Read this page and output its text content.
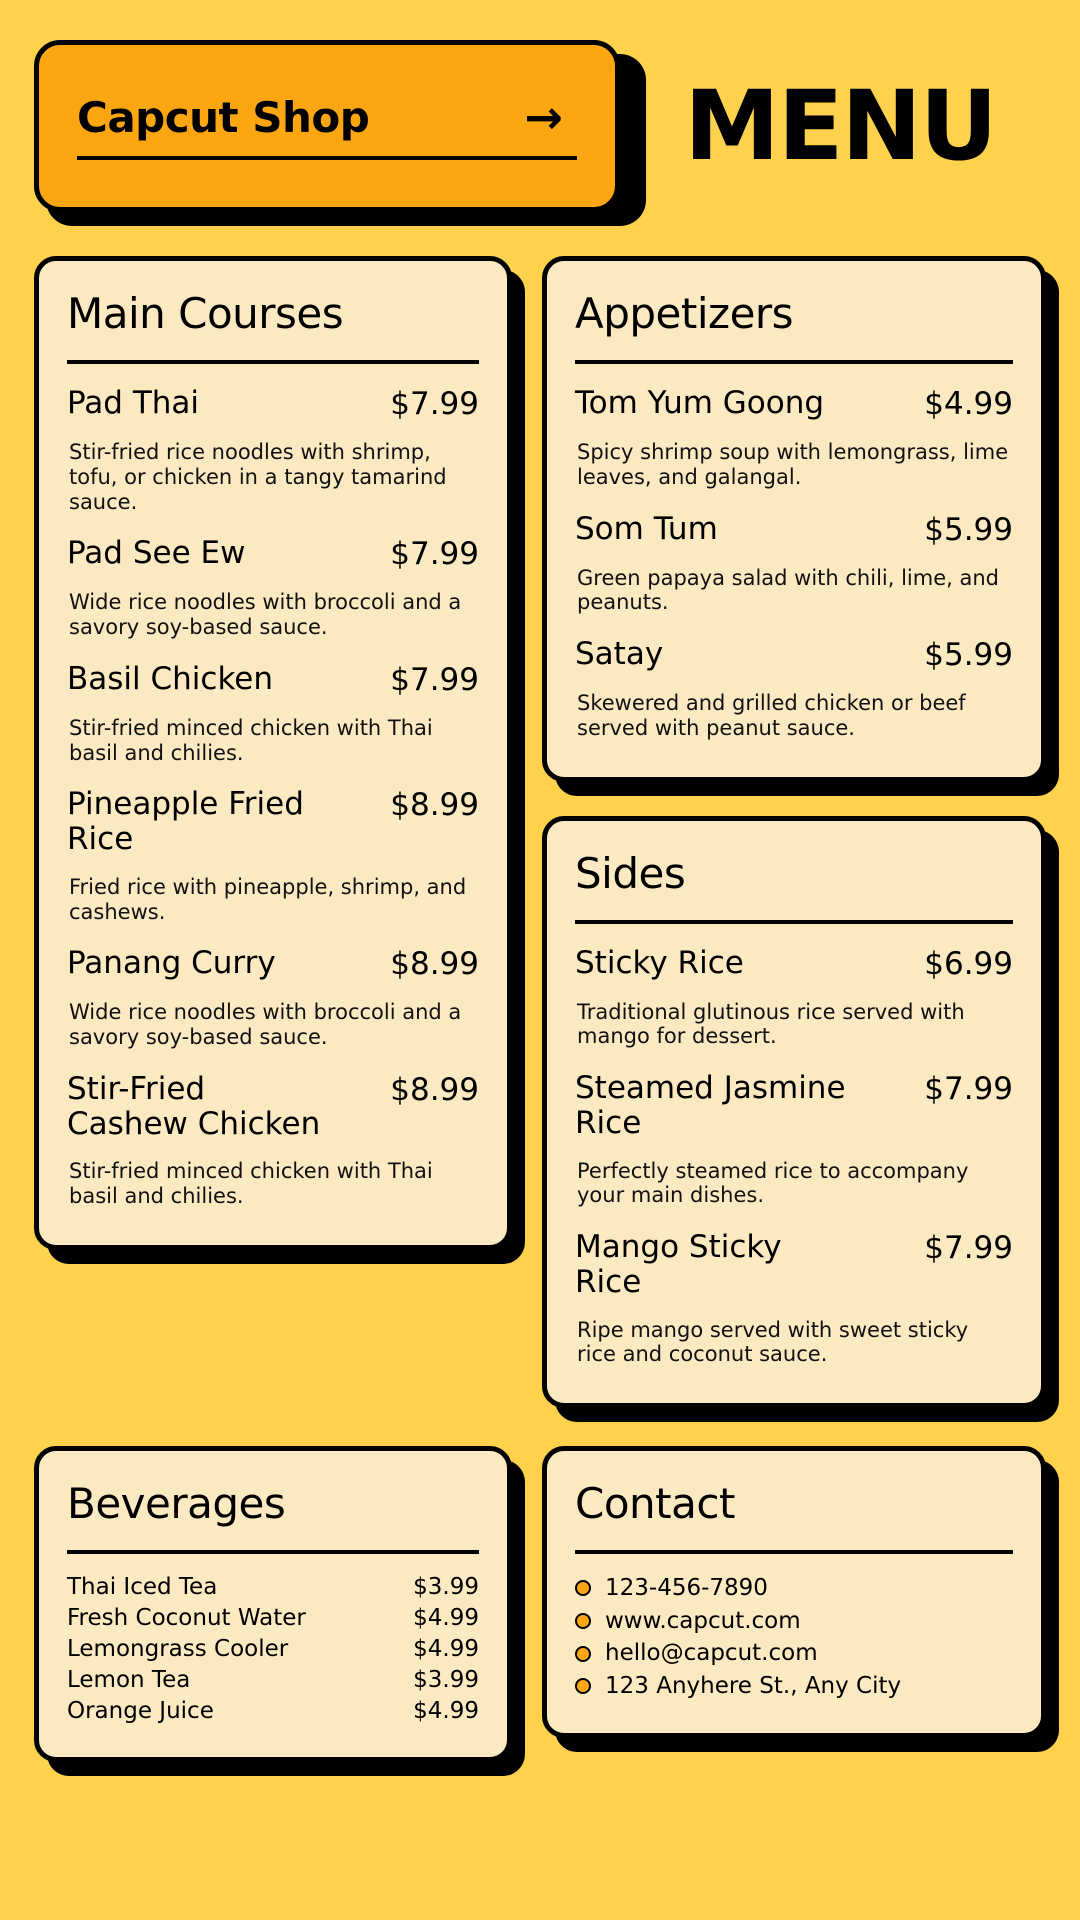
Capcut Shop	→	MENU
Main Courses
Pad Thai	$7.99
Stir-fried rice noodles with shrimp, tofu, or chicken in a tangy tamarind sauce.
Pad See Ew	$7.99
Wide rice noodles with broccoli and a savory soy-based sauce.
Basil Chicken	$7.99
Stir-fried minced chicken with Thai basil and chilies.
Pineapple Fried Rice
$8.99
Fried rice with pineapple, shrimp, and cashews.
Panang Curry	$8.99
Wide rice noodles with broccoli and a savory soy-based sauce.
Stir-Fried Cashew Chicken
$8.99
Stir-fried minced chicken with Thai basil and chilies.
Appetizers
Tom Yum Goong	$4.99
Spicy shrimp soup with lemongrass, lime leaves, and galangal.
Som Tum	$5.99
Green papaya salad with chili, lime, and peanuts.
Satay	$5.99
Skewered and grilled chicken or beef served with peanut sauce.
Sides
Sticky Rice	$6.99
Traditional glutinous rice served with mango for dessert.
Steamed Jasmine Rice
$7.99
Perfectly steamed rice to accompany your main dishes.
Mango Sticky Rice
$7.99
Ripe mango served with sweet sticky rice and coconut sauce.
Beverages
Thai Iced Tea	$3.99
Fresh Coconut Water	$4.99
Lemongrass Cooler	$4.99
Lemon Tea	$3.99
Orange Juice	$4.99
Contact
123-456-7890
www.capcut.com
hello@capcut.com
123 Anyhere St., Any City
